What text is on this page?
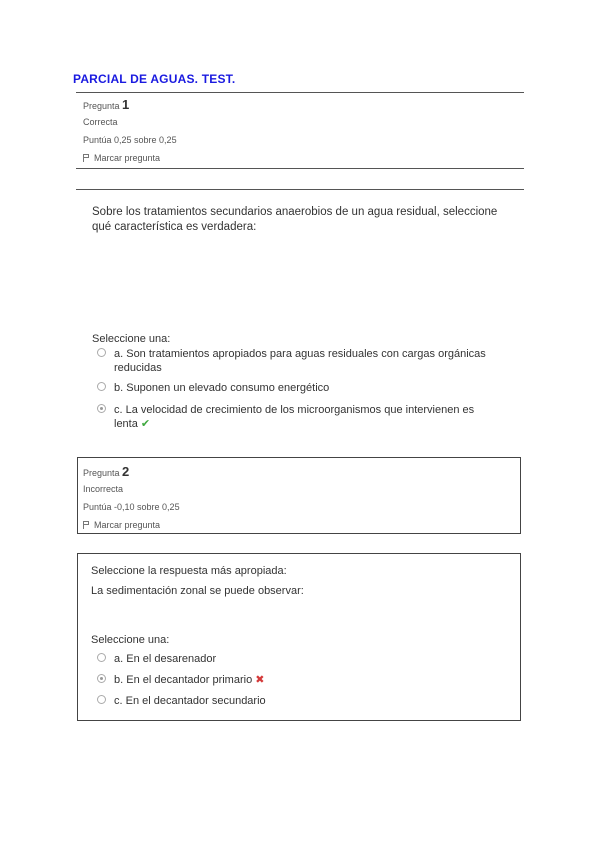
PARCIAL DE AGUAS. TEST.
Pregunta 1
Correcta
Puntúa 0,25 sobre 0,25
Marcar pregunta
Sobre los tratamientos secundarios anaerobios de un agua residual, seleccione
qué característica es verdadera:
Seleccione una:
a. Son tratamientos apropiados para aguas residuales con cargas orgánicas
reducidas
b. Suponen un elevado consumo energético
c. La velocidad de crecimiento de los microorganismos que intervienen es
lenta ✔
Pregunta 2
Incorrecta
Puntúa -0,10 sobre 0,25
Marcar pregunta
Seleccione la respuesta más apropiada:
La sedimentación zonal se puede observar:
Seleccione una:
a. En el desarenador
b. En el decantador primario ✖
c. En el decantador secundario
